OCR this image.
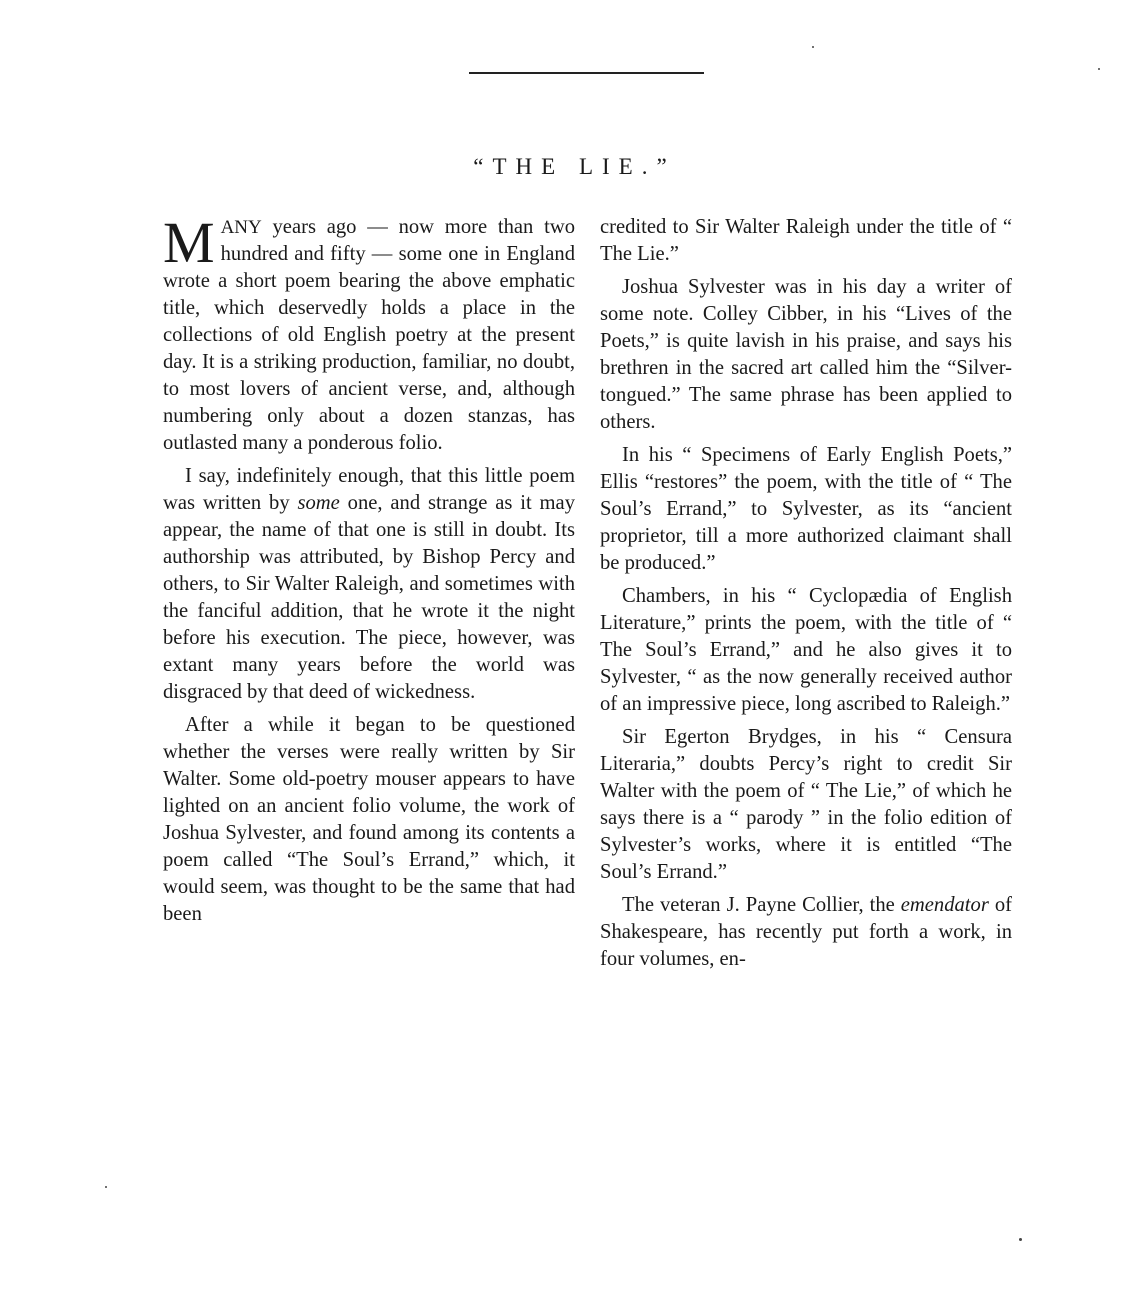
“THE LIE.”

MANY years ago — now more than two hundred and fifty — some one in England wrote a short poem bearing the above emphatic title, which deservedly holds a place in the collections of old English poetry at the present day. It is a striking production, familiar, no doubt, to most lovers of ancient verse, and, although numbering only about a dozen stanzas, has outlasted many a ponderous folio.

I say, indefinitely enough, that this little poem was written by some one, and strange as it may appear, the name of that one is still in doubt. Its authorship was attributed, by Bishop Percy and others, to Sir Walter Raleigh, and sometimes with the fanciful addition, that he wrote it the night before his execution. The piece, however, was extant many years before the world was disgraced by that deed of wickedness.

After a while it began to be questioned whether the verses were really written by Sir Walter. Some old-poetry mouser appears to have lighted on an ancient folio volume, the work of Joshua Sylvester, and found among its contents a poem called “The Soul’s Errand,” which, it would seem, was thought to be the same that had been

credited to Sir Walter Raleigh under the title of “ The Lie.”

Joshua Sylvester was in his day a writer of some note. Colley Cibber, in his “Lives of the Poets,” is quite lavish in his praise, and says his brethren in the sacred art called him the “Silver-tongued.” The same phrase has been applied to others.

In his “ Specimens of Early English Poets,” Ellis “restores” the poem, with the title of “ The Soul’s Errand,” to Sylvester, as its “ancient proprietor, till a more authorized claimant shall be produced.”

Chambers, in his “ Cyclopædia of English Literature,” prints the poem, with the title of “ The Soul’s Errand,” and he also gives it to Sylvester, “ as the now generally received author of an impressive piece, long ascribed to Raleigh.”

Sir Egerton Brydges, in his “ Censura Literaria,” doubts Percy’s right to credit Sir Walter with the poem of “ The Lie,” of which he says there is a “ parody ” in the folio edition of Sylvester’s works, where it is entitled “The Soul’s Errand.”

The veteran J. Payne Collier, the emendator of Shakespeare, has recently put forth a work, in four volumes, en-
